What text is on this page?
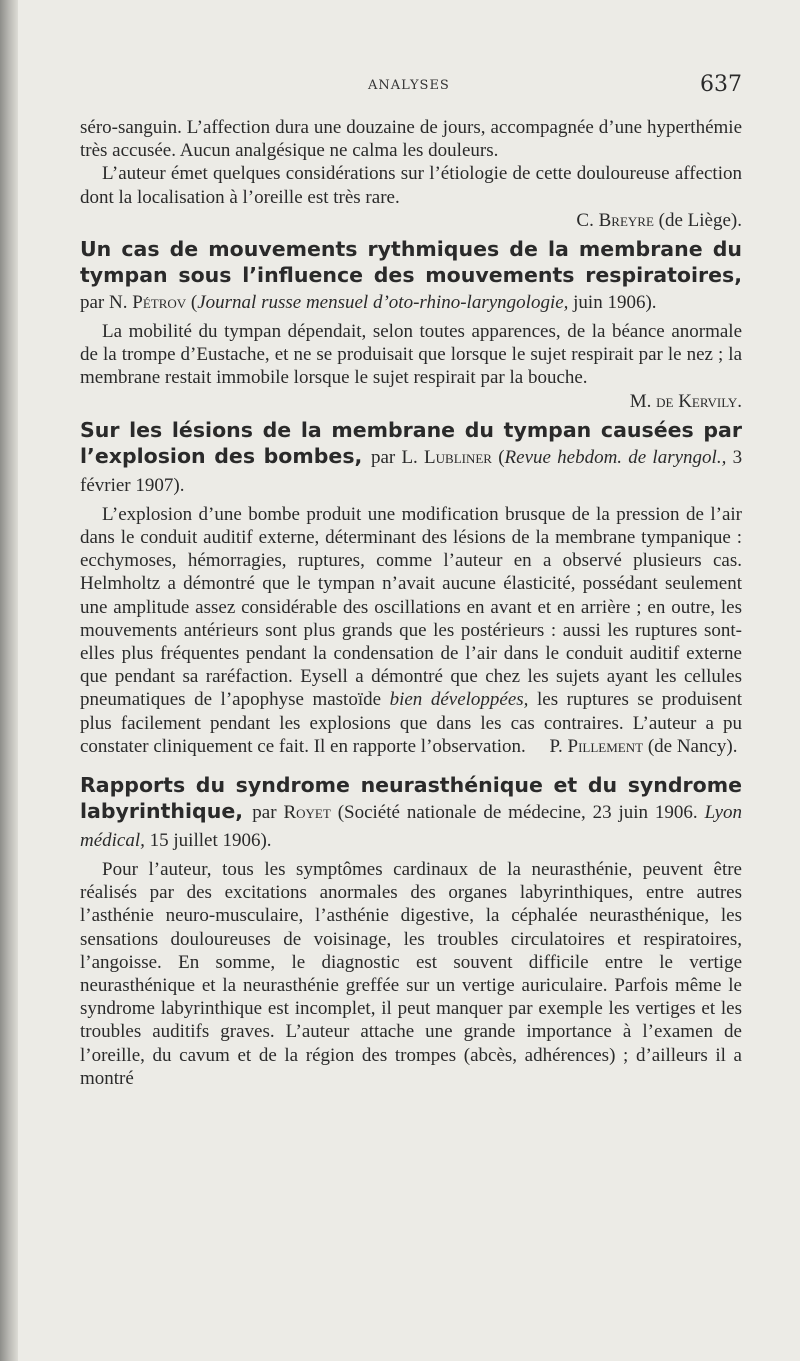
ANALYSES	637

séro-sanguin. L’affection dura une douzaine de jours, accompagnée d’une hyperthémie très accusée. Aucun analgésique ne calma les douleurs.

L’auteur émet quelques considérations sur l’étiologie de cette douloureuse affection dont la localisation à l’oreille est très rare.

C. Breyre (de Liège).

Un cas de mouvements rythmiques de la membrane du tympan sous l’influence des mouvements respiratoires, par N. Pétrov (Journal russe mensuel d’oto-rhino-laryngologie, juin 1906).

La mobilité du tympan dépendait, selon toutes apparences, de la béance anormale de la trompe d’Eustache, et ne se produisait que lorsque le sujet respirait par le nez ; la membrane restait immobile lorsque le sujet respirait par la bouche.

M. de Kervily.

Sur les lésions de la membrane du tympan causées par l’explosion des bombes, par L. Lubliner (Revue hebdom. de laryngol., 3 février 1907).

L’explosion d’une bombe produit une modification brusque de la pression de l’air dans le conduit auditif externe, déterminant des lésions de la membrane tympanique : ecchymoses, hémorragies, ruptures, comme l’auteur en a observé plusieurs cas. Helmholtz a démontré que le tympan n’avait aucune élasticité, possédant seulement une amplitude assez considérable des oscillations en avant et en arrière ; en outre, les mouvements antérieurs sont plus grands que les postérieurs : aussi les ruptures sont-elles plus fréquentes pendant la condensation de l’air dans le conduit auditif externe que pendant sa raréfaction. Eysell a démontré que chez les sujets ayant les cellules pneumatiques de l’apophyse mastoïde bien développées, les ruptures se produisent plus facilement pendant les explosions que dans les cas contraires. L’auteur a pu constater cliniquement ce fait. Il en rapporte l’observation. P. Pillement (de Nancy).

Rapports du syndrome neurasthénique et du syndrome labyrinthique, par Royet (Société nationale de médecine, 23 juin 1906. Lyon médical, 15 juillet 1906).

Pour l’auteur, tous les symptômes cardinaux de la neurasthénie, peuvent être réalisés par des excitations anormales des organes labyrinthiques, entre autres l’asthénie neuro-musculaire, l’asthénie digestive, la céphalée neurasthénique, les sensations douloureuses de voisinage, les troubles circulatoires et respiratoires, l’angoisse. En somme, le diagnostic est souvent difficile entre le vertige neurasthénique et la neurasthénie greffée sur un vertige auriculaire. Parfois même le syndrome labyrinthique est incomplet, il peut manquer par exemple les vertiges et les troubles auditifs graves. L’auteur attache une grande importance à l’examen de l’oreille, du cavum et de la région des trompes (abcès, adhérences) ; d’ailleurs il a montré
